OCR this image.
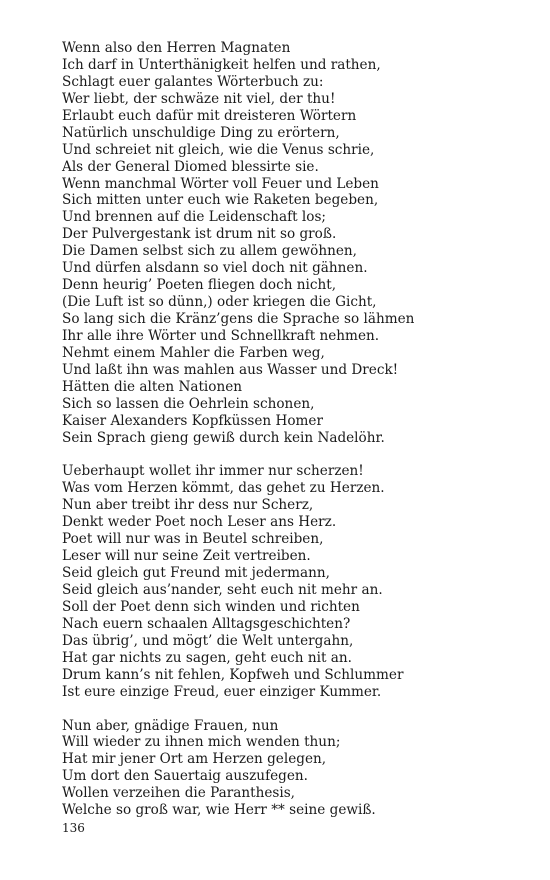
Wenn also den Herren Magnaten
Ich darf in Unterthänigkeit helfen und rathen,
Schlagt euer galantes Wörterbuch zu:
Wer liebt, der schwäze nit viel, der thu!
Erlaubt euch dafür mit dreisteren Wörtern
Natürlich unschuldige Ding zu erörtern,
Und schreiet nit gleich, wie die Venus schrie,
Als der General Diomed blessirte sie.
Wenn manchmal Wörter voll Feuer und Leben
Sich mitten unter euch wie Raketen begeben,
Und brennen auf die Leidenschaft los;
Der Pulvergestank ist drum nit so groß.
Die Damen selbst sich zu allem gewöhnen,
Und dürfen alsdann so viel doch nit gähnen.
Denn heurig’ Poeten fliegen doch nicht,
(Die Luft ist so dünn,) oder kriegen die Gicht,
So lang sich die Kränz’gens die Sprache so lähmen
Ihr alle ihre Wörter und Schnellkraft nehmen.
Nehmt einem Mahler die Farben weg,
Und laßt ihn was mahlen aus Wasser und Dreck!
Hätten die alten Nationen
Sich so lassen die Oehrlein schonen,
Kaiser Alexanders Kopfküssen Homer
Sein Sprach gieng gewiß durch kein Nadelöhr.
Ueberhaupt wollet ihr immer nur scherzen!
Was vom Herzen kömmt, das gehet zu Herzen.
Nun aber treibt ihr dess nur Scherz,
Denkt weder Poet noch Leser ans Herz.
Poet will nur was in Beutel schreiben,
Leser will nur seine Zeit vertreiben.
Seid gleich gut Freund mit jedermann,
Seid gleich aus’nander, seht euch nit mehr an.
Soll der Poet denn sich winden und richten
Nach euern schaalen Alltagsgeschichten?
Das übrig’, und mögt’ die Welt untergahn,
Hat gar nichts zu sagen, geht euch nit an.
Drum kann’s nit fehlen, Kopfweh und Schlummer
Ist eure einzige Freud, euer einziger Kummer.
Nun aber, gnädige Frauen, nun
Will wieder zu ihnen mich wenden thun;
Hat mir jener Ort am Herzen gelegen,
Um dort den Sauertaig auszufegen.
Wollen verzeihen die Paranthesis,
Welche so groß war, wie Herr ** seine gewiß.
136
